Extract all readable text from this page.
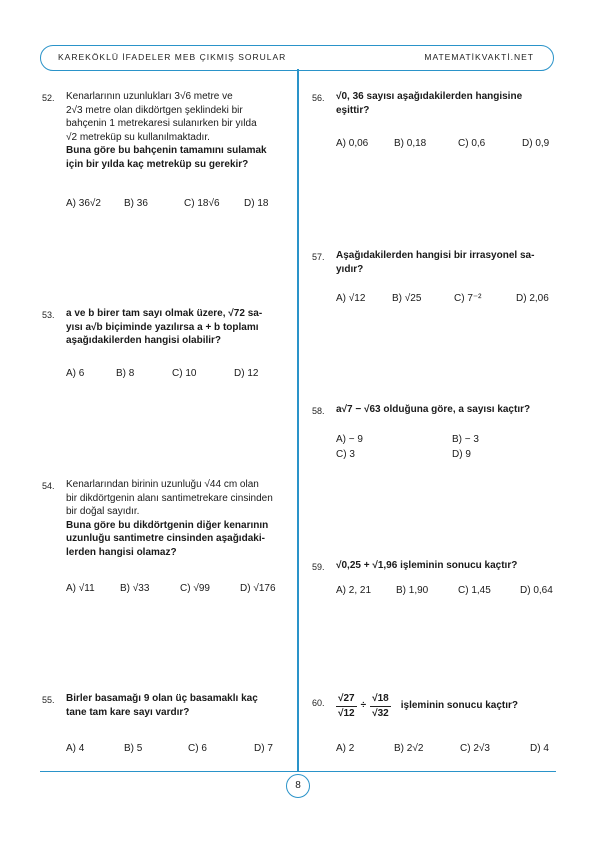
KAREKÖKLÜ İFADELER MEB ÇIKMIŞ SORULAR	MATEMATİKVAKTİ.NET
8
52. Kenarlarının uzunlukları 3√6 metre ve
2√3 metre olan dikdörtgen şeklindeki bir
bahçenin 1 metrekaresi sulanırken bir yılda
√2 metreküp su kullanılmaktadır.
Buna göre bu bahçenin tamamını sulamak
için bir yılda kaç metreküp su gerekir?
A) 36√2 B) 36	C) 18√6 D) 18
53. a ve b birer tam sayı olmak üzere, √72 sa-
yısı a√b biçiminde yazılırsa a + b toplamı
aşağıdakilerden hangisi olabilir?
A) 6	B) 8	C) 10	D) 12
54. Kenarlarından birinin uzunluğu √44 cm olan
bir dikdörtgenin alanı santimetrekare cinsinden
bir doğal sayıdır.
Buna göre bu dikdörtgenin diğer kenarının
uzunluğu santimetre cinsinden aşağıdaki-
lerden hangisi olamaz?
A) √11	B) √33	C) √99	D) √176
55. Birler basamağı 9 olan üç basamaklı kaç
tane tam kare sayı vardır?
A) 4	B) 5	C) 6	D) 7
56. √0, 36 sayısı aşağıdakilerden hangisine
eşittir?
A) 0,06	B) 0,18	C) 0,6	D) 0,9
57. Aşağıdakilerden hangisi bir irrasyonel sa-
yıdır?
A) √12	B) √25	C) 7⁻²	D) 2,06
58. a√7 − √63 olduğuna göre, a sayısı kaçtır?
A) − 9	B) − 3
C) 3	D) 9
59. √0,25 + √1,96 işleminin sonucu kaçtır?
A) 2, 21 B) 1,90	C) 1,45	D) 0,64
60. $\frac{√27}{√12} \div \frac{√18}{√32}$ işleminin sonucu kaçtır?
A) 2	B) 2√2	C) 2√3	D) 4
